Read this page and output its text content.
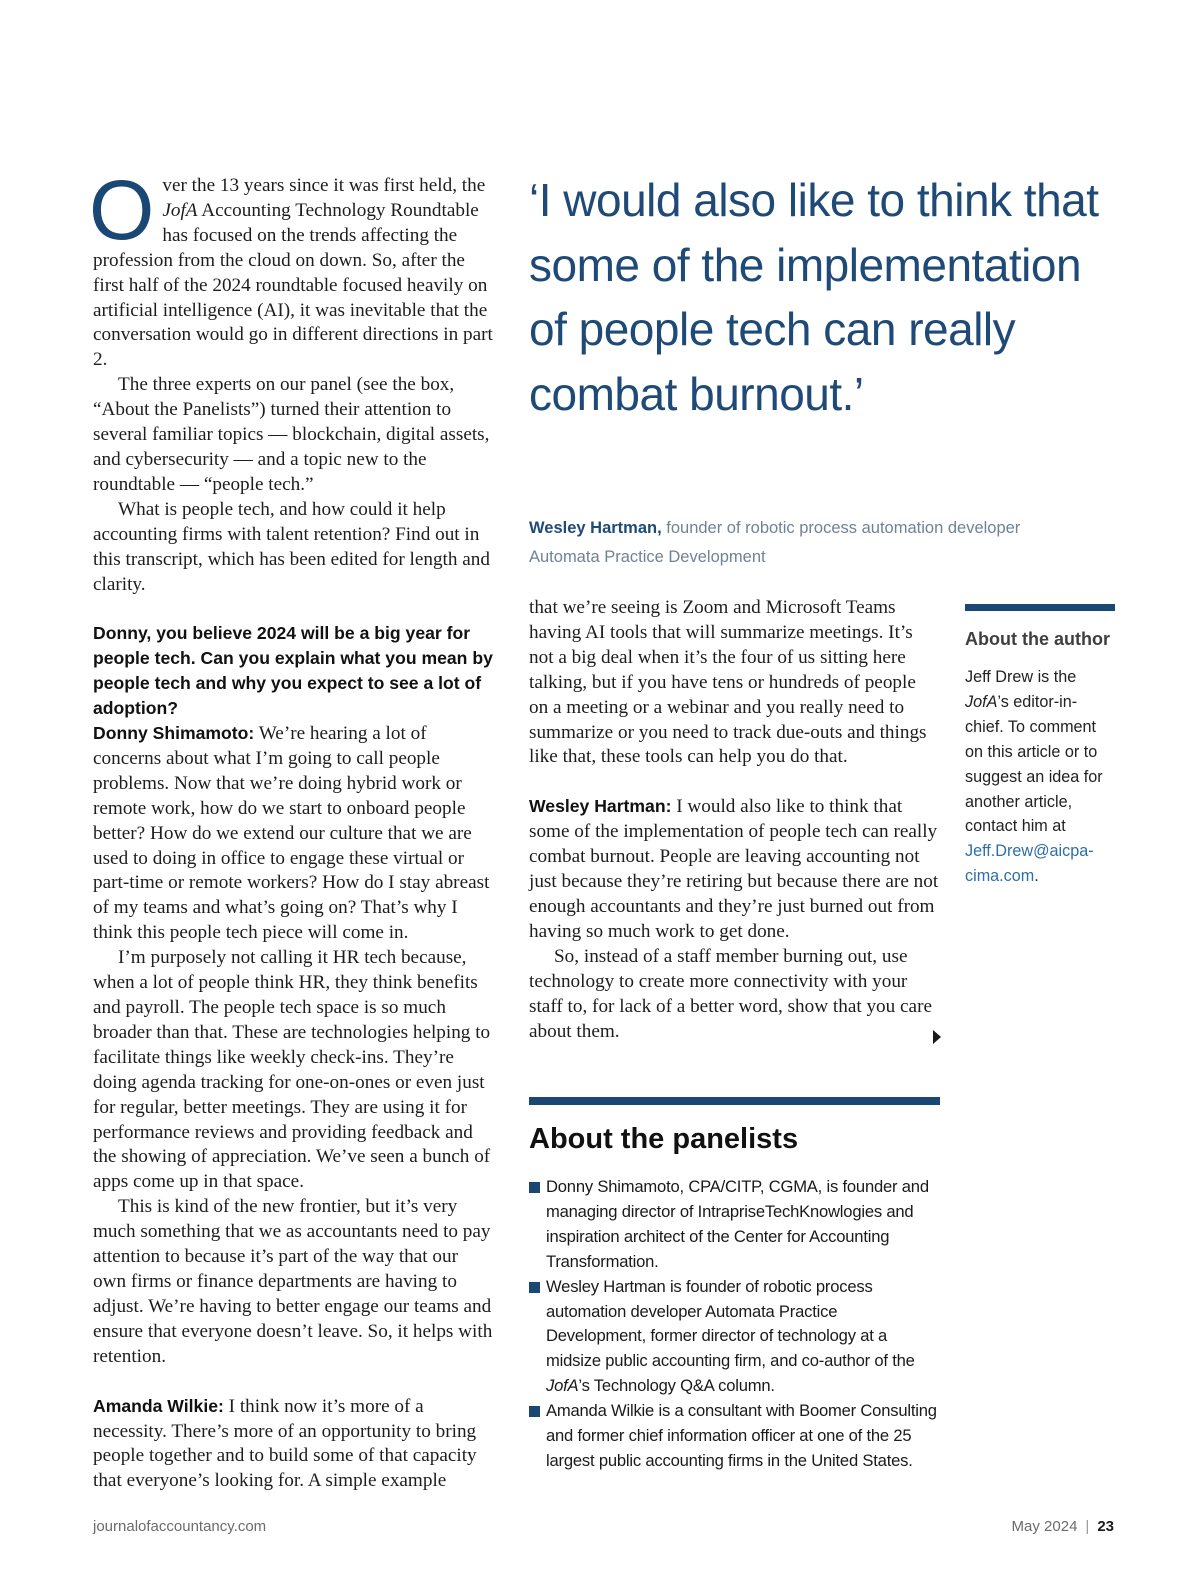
Over the 13 years since it was first held, the JofA Accounting Technology Roundtable has focused on the trends affecting the profession from the cloud on down. So, after the first half of the 2024 roundtable focused heavily on artificial intelligence (AI), it was inevitable that the conversation would go in different directions in part 2.

The three experts on our panel (see the box, “About the Panelists”) turned their attention to several familiar topics — blockchain, digital assets, and cybersecurity — and a topic new to the roundtable — “people tech.”

What is people tech, and how could it help accounting firms with talent retention? Find out in this transcript, which has been edited for length and clarity.

Donny, you believe 2024 will be a big year for people tech. Can you explain what you mean by people tech and why you expect to see a lot of adoption?

Donny Shimamoto: We’re hearing a lot of concerns about what I’m going to call people problems. Now that we’re doing hybrid work or remote work, how do we start to onboard people better? How do we extend our culture that we are used to doing in office to engage these virtual or part-time or remote workers? How do I stay abreast of my teams and what’s going on? That’s why I think this people tech piece will come in.

I’m purposely not calling it HR tech because, when a lot of people think HR, they think benefits and payroll. The people tech space is so much broader than that. These are technologies helping to facilitate things like weekly check-ins. They’re doing agenda tracking for one-on-ones or even just for regular, better meetings. They are using it for performance reviews and providing feedback and the showing of appreciation. We’ve seen a bunch of apps come up in that space.

This is kind of the new frontier, but it’s very much something that we as accountants need to pay attention to because it’s part of the way that our own firms or finance departments are having to adjust. We’re having to better engage our teams and ensure that everyone doesn’t leave. So, it helps with retention.

Amanda Wilkie: I think now it’s more of a necessity. There’s more of an opportunity to bring people together and to build some of that capacity that everyone’s looking for. A simple example

‘I would also like to think that some of the implementation of people tech can really combat burnout.’
Wesley Hartman, founder of robotic process automation developer Automata Practice Development

that we’re seeing is Zoom and Microsoft Teams having AI tools that will summarize meetings. It’s not a big deal when it’s the four of us sitting here talking, but if you have tens or hundreds of people on a meeting or a webinar and you really need to summarize or you need to track due-outs and things like that, these tools can help you do that.

Wesley Hartman: I would also like to think that some of the implementation of people tech can really combat burnout. People are leaving accounting not just because they’re retiring but because there are not enough accountants and they’re just burned out from having so much work to get done.

So, instead of a staff member burning out, use technology to create more connectivity with your staff to, for lack of a better word, show that you care about them.

About the author
Jeff Drew is the JofA’s editor-in-chief. To comment on this article or to suggest an idea for another article, contact him at Jeff.Drew@aicpa-cima.com.
About the panelists
Donny Shimamoto, CPA/CITP, CGMA, is founder and managing director of IntrapriseTechKnowlogies and inspiration architect of the Center for Accounting Transformation.
Wesley Hartman is founder of robotic process automation developer Automata Practice Development, former director of technology at a midsize public accounting firm, and co-author of the JofA’s Technology Q&A column.
Amanda Wilkie is a consultant with Boomer Consulting and former chief information officer at one of the 25 largest public accounting firms in the United States.
journalofaccountancy.com	May 2024 | 23
